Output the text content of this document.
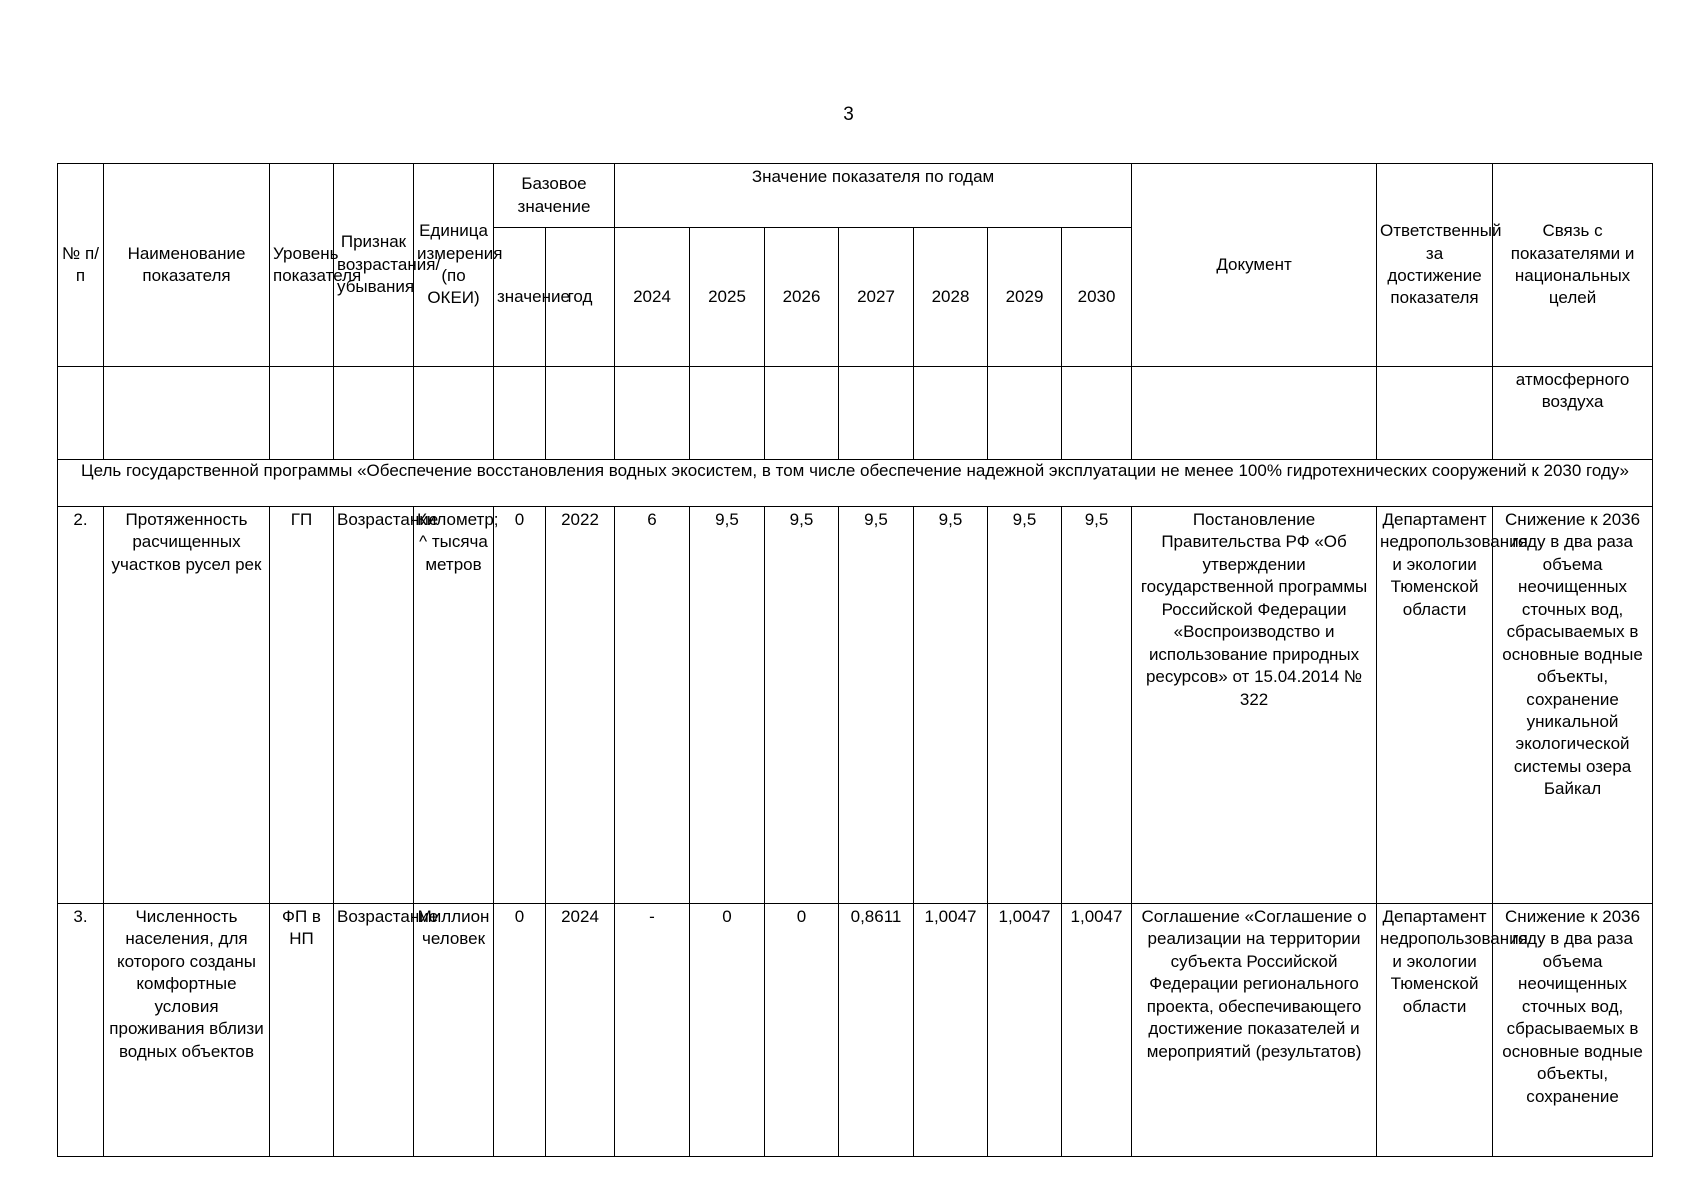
3
№ п/п	Наименование показателя	Уровень показателя	Признак возрастания/ убывания	Единица измерения (по ОКЕИ)	Базовое значение		Значение показателя по годам							Документ	Ответственный за достижение показателя	Связь с показателями и национальных целей
					значение	год	2024	2025	2026	2027	2028	2029	2030			
																атмосферного воздуха
Цель государственной программы «Обеспечение восстановления водных экосистем, в том числе обеспечение надежной эксплуатации не менее 100% гидротехнических сооружений к 2030 году»																
2.	Протяженность расчищенных участков русел рек	ГП	Возрастание	Километр; ^ тысяча метров	0	2022	6	9,5	9,5	9,5	9,5	9,5	9,5	Постановление Правительства РФ «Об утверждении государственной программы Российской Федерации «Воспроизводство и использование природных ресурсов» от 15.04.2014 № 322	Департамент недропользования и экологии Тюменской области	Снижение к 2036 году в два раза объема неочищенных сточных вод, сбрасываемых в основные водные объекты, сохранение уникальной экологической системы озера Байкал
3.	Численность населения, для которого созданы комфортные условия проживания вблизи водных объектов	ФП в НП	Возрастание	Миллион человек	0	2024	-	0	0	0,8611	1,0047	1,0047	1,0047	Соглашение «Соглашение о реализации на территории субъекта Российской Федерации регионального проекта, обеспечивающего достижение показателей и мероприятий (результатов)	Департамент недропользования и экологии Тюменской области	Снижение к 2036 году в два раза объема неочищенных сточных вод, сбрасываемых в основные водные объекты, сохранение
